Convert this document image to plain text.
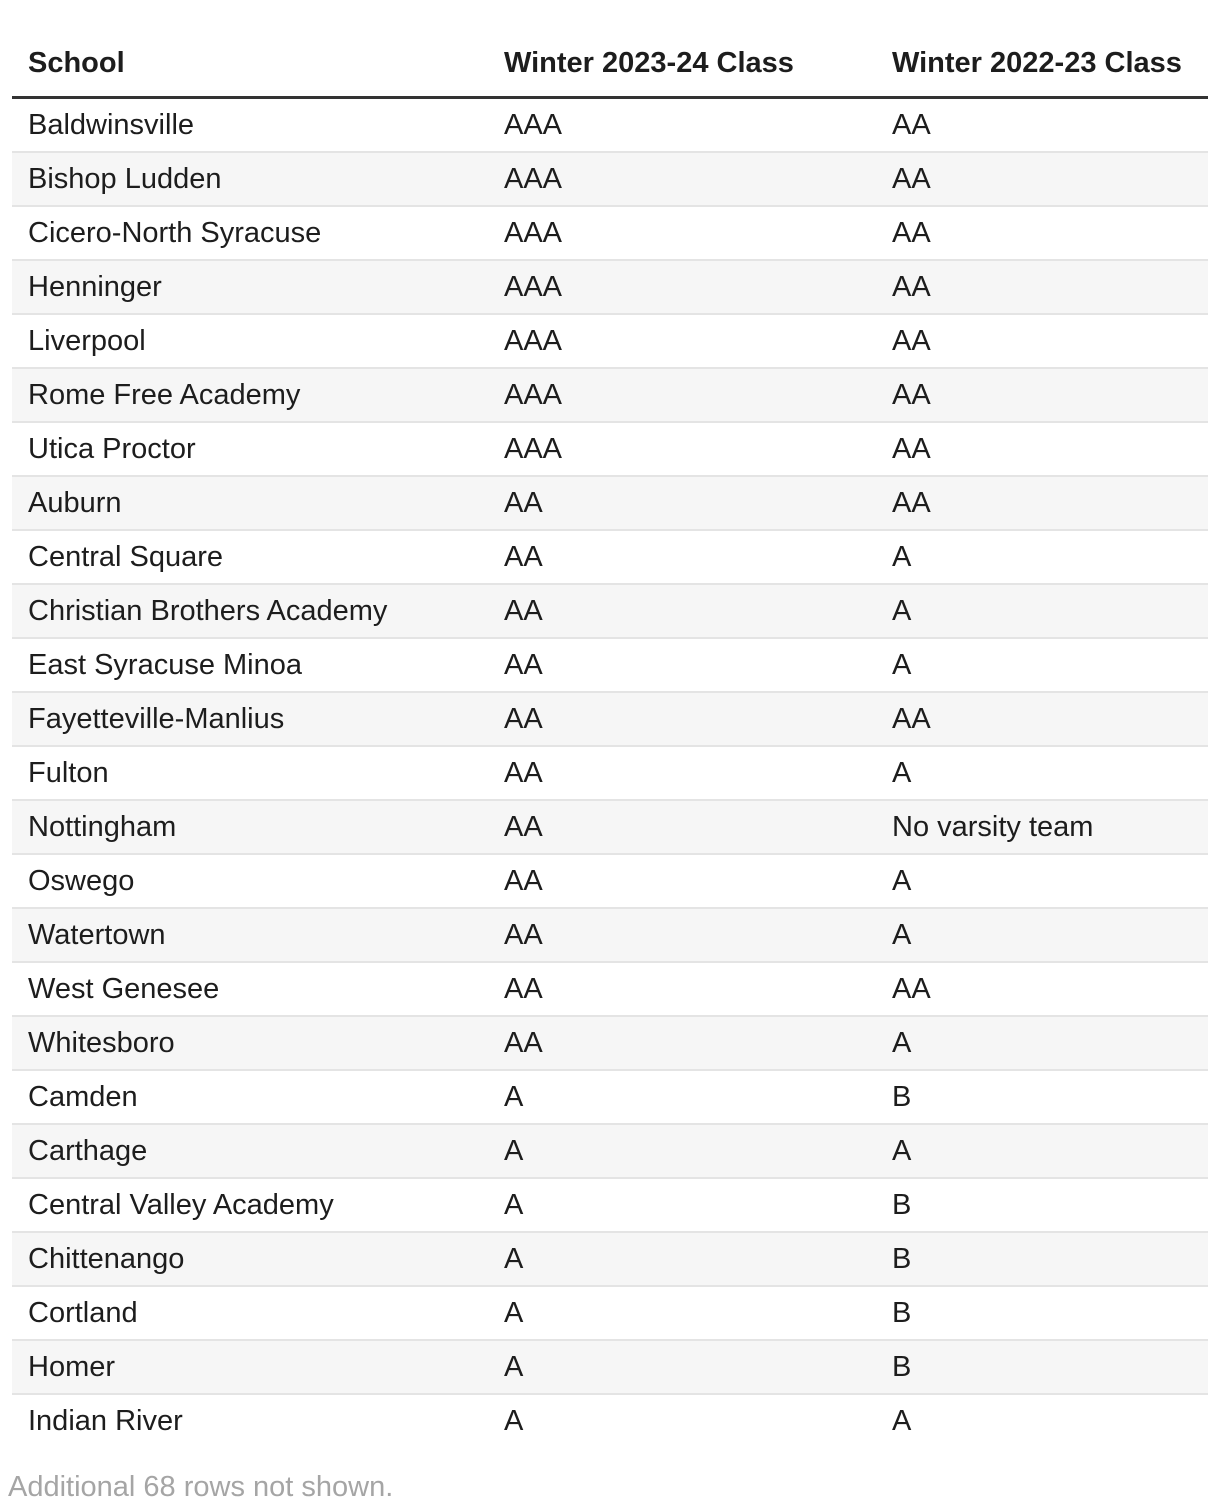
School	Winter 2023-24 Class	Winter 2022-23 Class
Baldwinsville	AAA	AA
Bishop Ludden	AAA	AA
Cicero-North Syracuse	AAA	AA
Henninger	AAA	AA
Liverpool	AAA	AA
Rome Free Academy	AAA	AA
Utica Proctor	AAA	AA
Auburn	AA	AA
Central Square	AA	A
Christian Brothers Academy	AA	A
East Syracuse Minoa	AA	A
Fayetteville-Manlius	AA	AA
Fulton	AA	A
Nottingham	AA	No varsity team
Oswego	AA	A
Watertown	AA	A
West Genesee	AA	AA
Whitesboro	AA	A
Camden	A	B
Carthage	A	A
Central Valley Academy	A	B
Chittenango	A	B
Cortland	A	B
Homer	A	B
Indian River	A	A

Additional 68 rows not shown.
